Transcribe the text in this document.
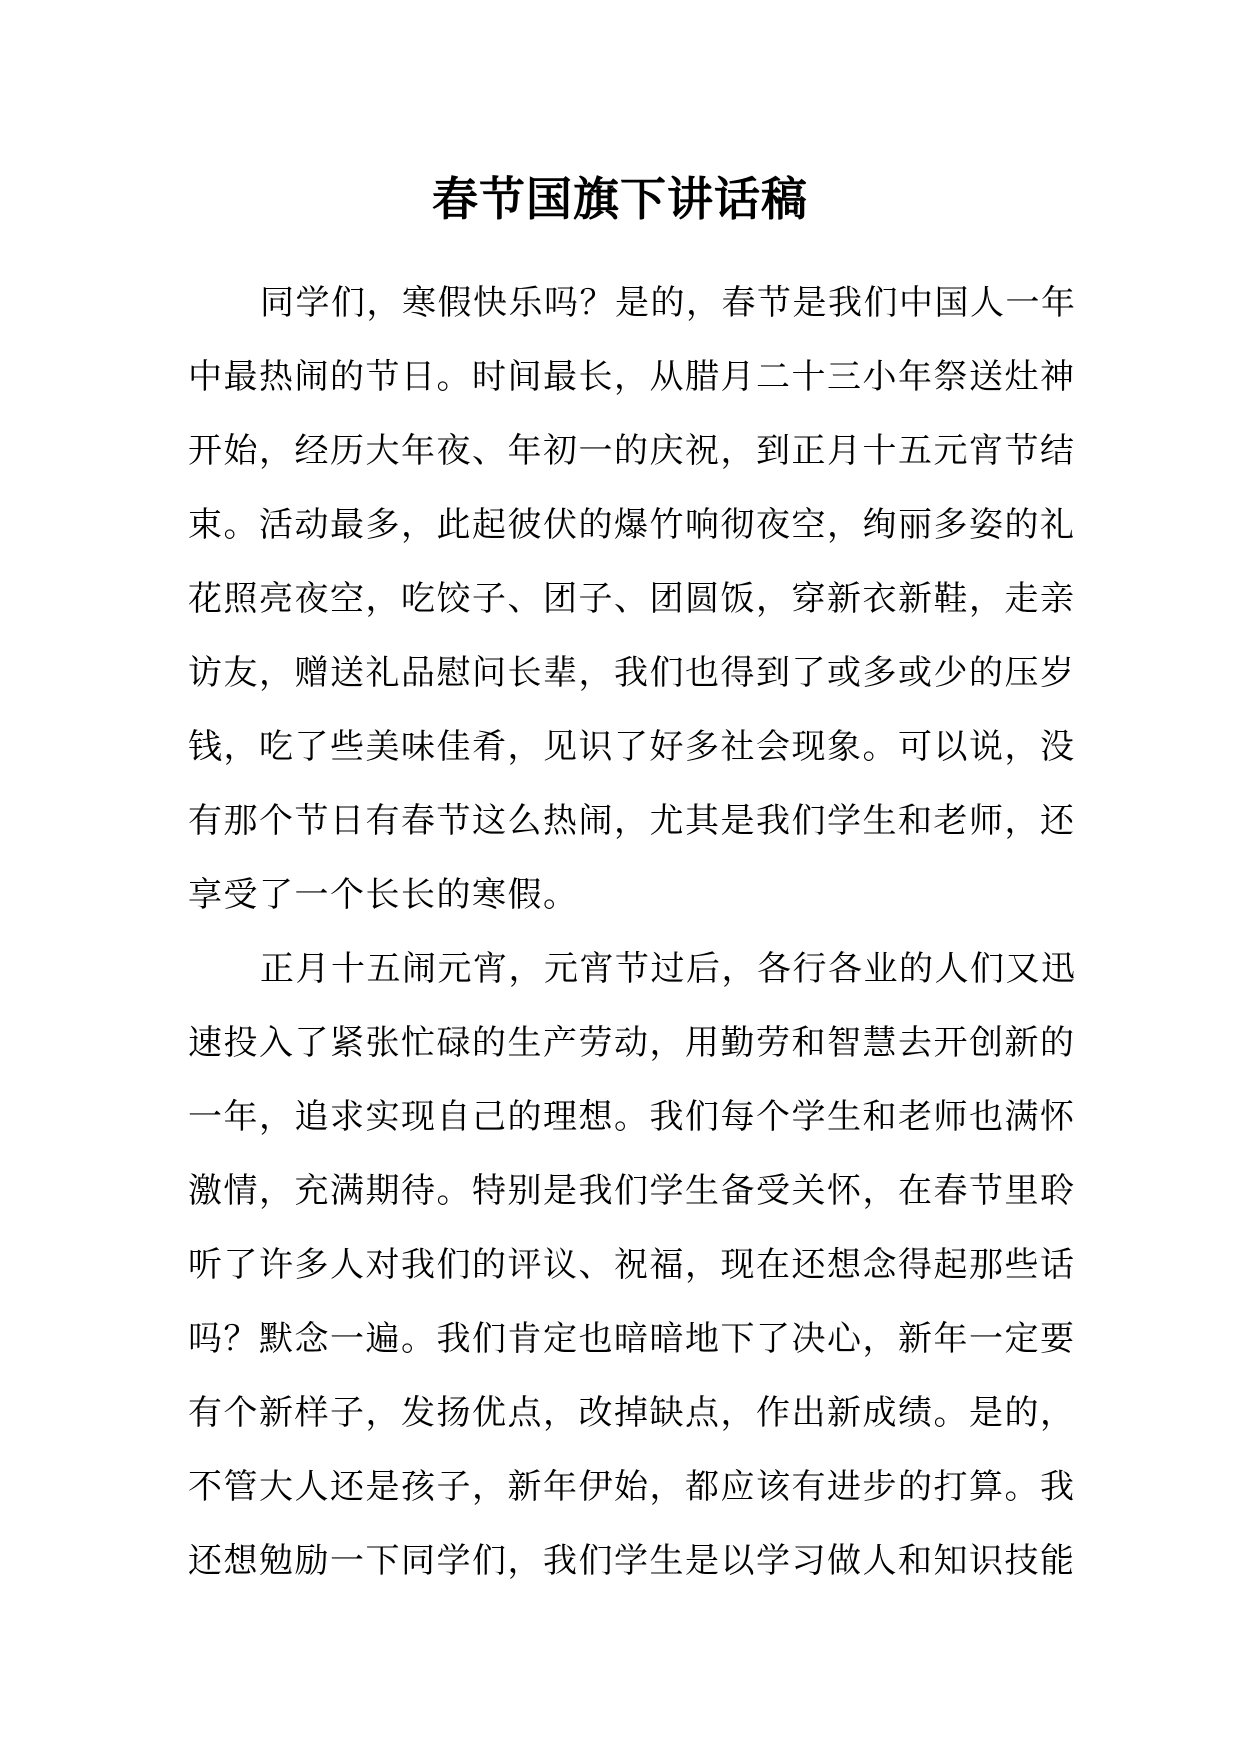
春节国旗下讲话稿
同学们，寒假快乐吗？是的，春节是我们中国人一年
中最热闹的节日。时间最长，从腊月二十三小年祭送灶神
开始，经历大年夜、年初一的庆祝，到正月十五元宵节结
束。活动最多，此起彼伏的爆竹响彻夜空，绚丽多姿的礼
花照亮夜空，吃饺子、团子、团圆饭，穿新衣新鞋，走亲
访友，赠送礼品慰问长辈，我们也得到了或多或少的压岁
钱，吃了些美味佳肴，见识了好多社会现象。可以说，没
有那个节日有春节这么热闹，尤其是我们学生和老师，还
享受了一个长长的寒假。
正月十五闹元宵，元宵节过后，各行各业的人们又迅
速投入了紧张忙碌的生产劳动，用勤劳和智慧去开创新的
一年，追求实现自己的理想。我们每个学生和老师也满怀
激情，充满期待。特别是我们学生备受关怀，在春节里聆
听了许多人对我们的评议、祝福，现在还想念得起那些话
吗？默念一遍。我们肯定也暗暗地下了决心，新年一定要
有个新样子，发扬优点，改掉缺点，作出新成绩。是的，
不管大人还是孩子，新年伊始，都应该有进步的打算。我
还想勉励一下同学们，我们学生是以学习做人和知识技能
